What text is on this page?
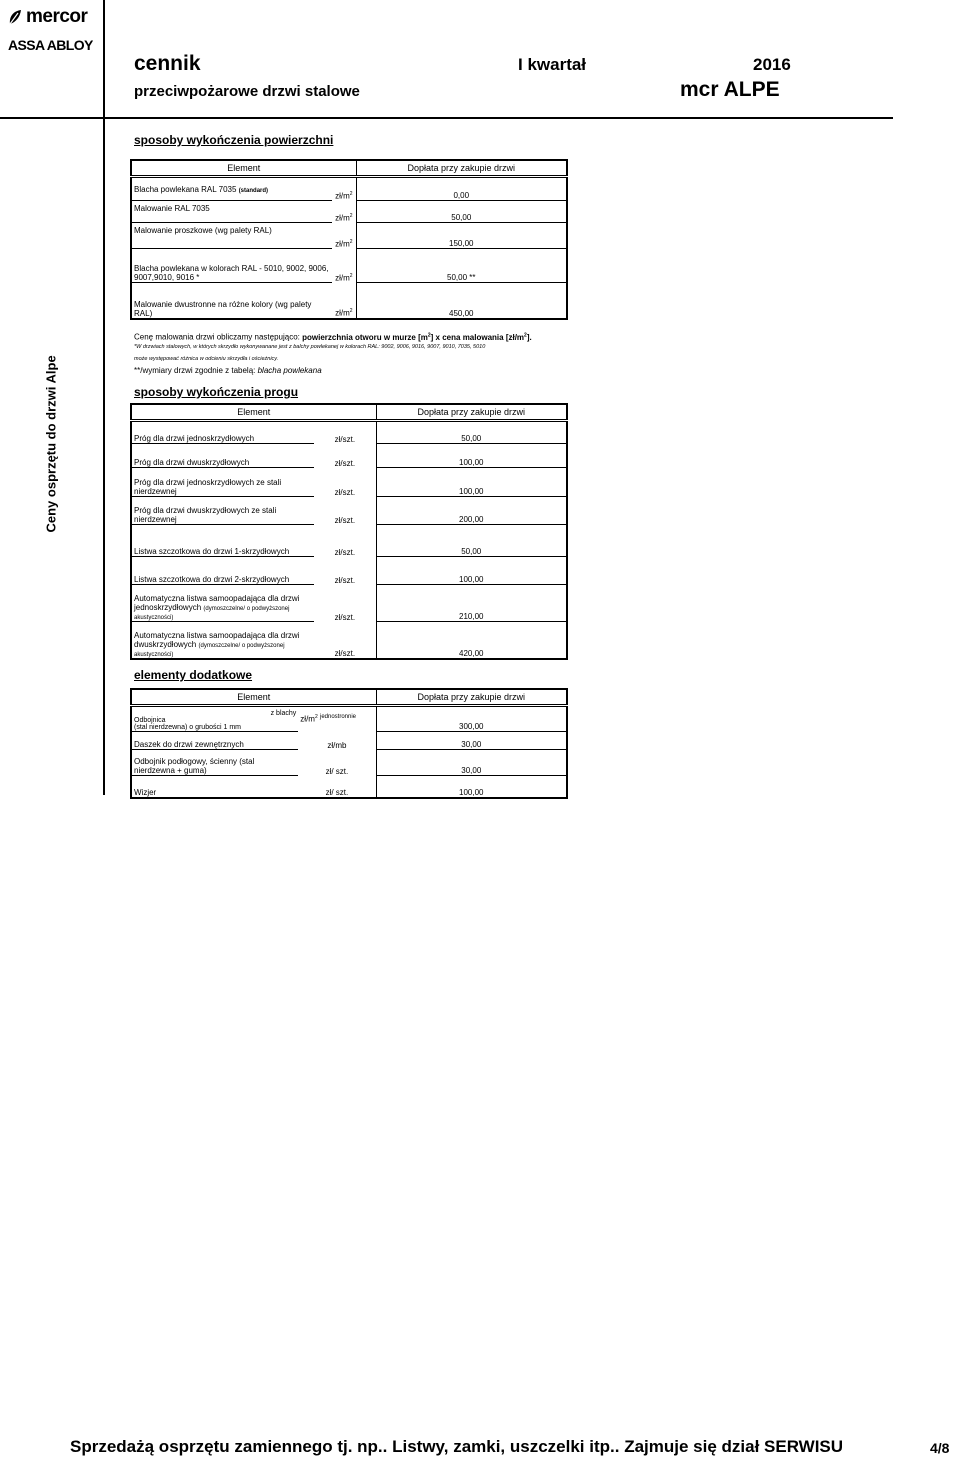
mercor
ASSA ABLOY
cennik	I kwartał	2016
przeciwpożarowe drzwi stalowe	mcr ALPE
Ceny osprzętu do drzwi Alpe
sposoby wykończenia powierzchni
Element		Dopłata przy zakupie drzwi
Blacha powlekana RAL 7035 (standard)	$zł/m^2$	0,00
Malowanie RAL 7035	$zł/m^2$	50,00
Malowanie proszkowe (wg palety RAL)	$zł/m^2$	150,00
Blacha powlekana w kolorach RAL - 5010, 9002, 9006, 9007,9010, 9016 *	$zł/m^2$	50,00 **
Malowanie dwustronne na różne kolory (wg palety RAL)	$zł/m^2$	450,00
Cenę malowania drzwi obliczamy następująco: powierzchnia otworu w murze $[m^2]$ x cena malowania $[zł/m^2]$.
*W drzwiach stalowych, w których skrzydło wykonywanane jest z balchy powlekanej w kolorach RAL: 9002, 9006, 9016, 9007, 9010, 7035, 5010
może występować różnica w odcieniu skrzydła i ościeżnicy.
**/wymiary drzwi zgodnie z tabelą: blacha powlekana
sposoby wykończenia progu
Element		Dopłata przy zakupie drzwi
Próg dla drzwi jednoskrzydłowych	zł/szt.	50,00
Próg dla drzwi dwuskrzydłowych	zł/szt.	100,00
Próg dla drzwi jednoskrzydłowych ze stali nierdzewnej	zł/szt.	100,00
Próg dla drzwi dwuskrzydłowych ze stali nierdzewnej	zł/szt.	200,00
Listwa szczotkowa do drzwi 1-skrzydłowych	zł/szt.	50,00
Listwa szczotkowa do drzwi 2-skrzydłowych	zł/szt.	100,00
Automatyczna listwa samoopadająca dla drzwi jednoskrzydłowych (dymoszczelne/ o podwyższonej akustyczności)	zł/szt.	210,00
Automatyczna listwa samoopadająca dla drzwi dwuskrzydłowych (dymoszczelne/ o podwyższonej akustyczności)	zł/szt.	420,00
elementy dodatkowe
Element			Dopłata przy zakupie drzwi
Odbojnica
(stal nierdzewna) o grubości 1 mm	z blachy	$zł/m^2$ $^{jednostronnie}$	300,00
Daszek do drzwi zewnętrznych		zł/mb	30,00
Odbojnik podłogowy, ścienny (stal nierdzewna + guma)		zł/ szt.	30,00
Wizjer		zł/ szt.	100,00
Sprzedażą osprzętu zamiennego tj. np.. Listwy, zamki, uszczelki itp.. Zajmuje się dział SERWISU	4/8
